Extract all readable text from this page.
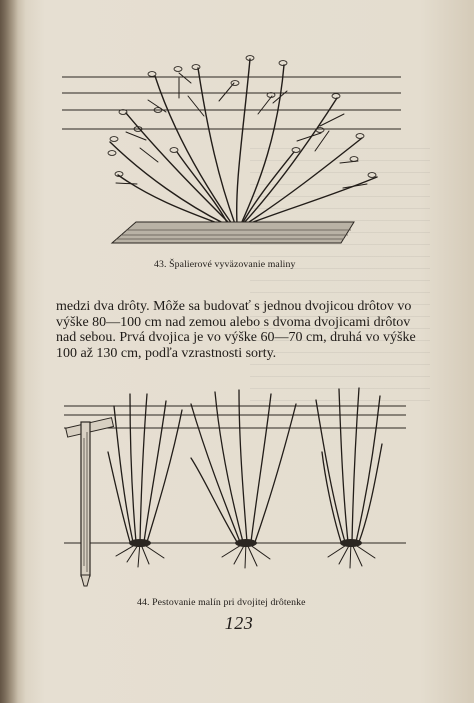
43. Špalierové vyväzovanie maliny
medzi dva drôty. Môže sa budovať s jednou dvojicou drôtov vo
výške 80—100 cm nad zemou alebo s dvoma dvojicami drôtov
nad sebou. Prvá dvojica je vo výške 60—70 cm, druhá vo výške
100 až 130 cm, podľa vzrastnosti sorty.
44. Pestovanie malín pri dvojitej drôtenke
123
